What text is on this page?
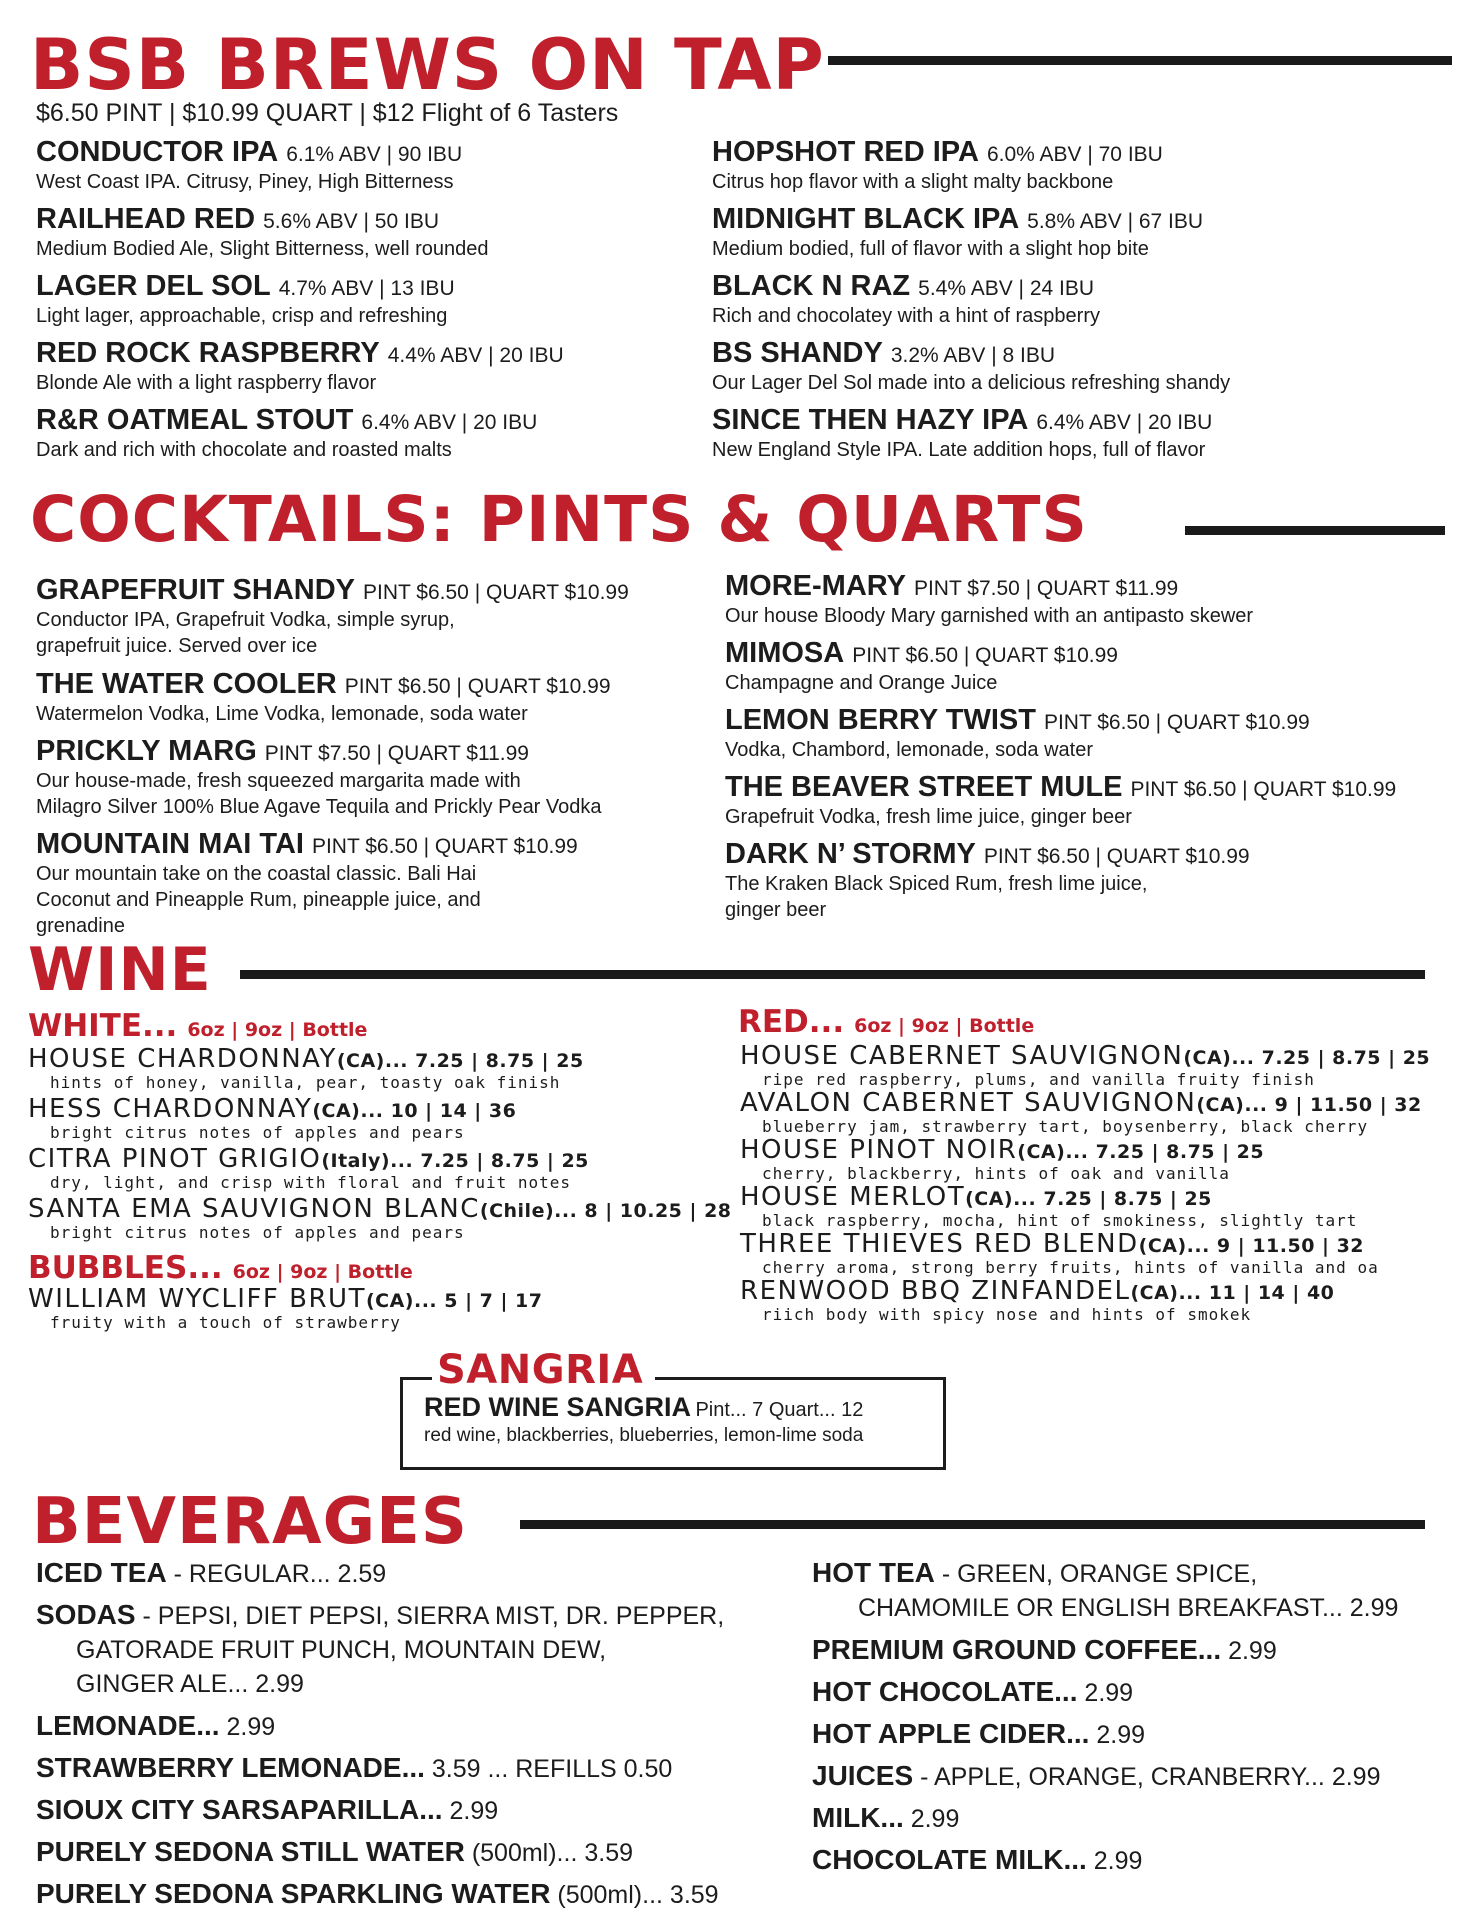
BSB BREWS ON TAP
$6.50 PINT | $10.99 QUART | $12 Flight of 6 Tasters
CONDUCTOR IPA 6.1% ABV | 90 IBU
West Coast IPA. Citrusy, Piney, High Bitterness
RAILHEAD RED 5.6% ABV | 50 IBU
Medium Bodied Ale, Slight Bitterness, well rounded
LAGER DEL SOL 4.7% ABV | 13 IBU
Light lager, approachable, crisp and refreshing
RED ROCK RASPBERRY 4.4% ABV | 20 IBU
Blonde Ale with a light raspberry flavor
R&R OATMEAL STOUT 6.4% ABV | 20 IBU
Dark and rich with chocolate and roasted malts
HOPSHOT RED IPA 6.0% ABV | 70 IBU
Citrus hop flavor with a slight malty backbone
MIDNIGHT BLACK IPA 5.8% ABV | 67 IBU
Medium bodied, full of flavor with a slight hop bite
BLACK N RAZ 5.4% ABV | 24 IBU
Rich and chocolatey with a hint of raspberry
BS SHANDY 3.2% ABV | 8 IBU
Our Lager Del Sol made into a delicious refreshing shandy
SINCE THEN HAZY IPA 6.4% ABV | 20 IBU
New England Style IPA. Late addition hops, full of flavor
COCKTAILS: PINTS & QUARTS
GRAPEFRUIT SHANDY PINT $6.50 | QUART $10.99
Conductor IPA, Grapefruit Vodka, simple syrup,
grapefruit juice. Served over ice
THE WATER COOLER PINT $6.50 | QUART $10.99
Watermelon Vodka, Lime Vodka, lemonade, soda water
PRICKLY MARG PINT $7.50 | QUART $11.99
Our house-made, fresh squeezed margarita made with
Milagro Silver 100% Blue Agave Tequila and Prickly Pear Vodka
MOUNTAIN MAI TAI PINT $6.50 | QUART $10.99
Our mountain take on the coastal classic. Bali Hai
Coconut and Pineapple Rum, pineapple juice, and
grenadine
MORE-MARY PINT $7.50 | QUART $11.99
Our house Bloody Mary garnished with an antipasto skewer
MIMOSA PINT $6.50 | QUART $10.99
Champagne and Orange Juice
LEMON BERRY TWIST PINT $6.50 | QUART $10.99
Vodka, Chambord, lemonade, soda water
THE BEAVER STREET MULE PINT $6.50 | QUART $10.99
Grapefruit Vodka, fresh lime juice, ginger beer
DARK N’ STORMY PINT $6.50 | QUART $10.99
The Kraken Black Spiced Rum, fresh lime juice,
ginger beer
WINE
WHITE... 6oz | 9oz | Bottle
HOUSE CHARDONNAY(CA)... 7.25 | 8.75 | 25
hints of honey, vanilla, pear, toasty oak finish
HESS CHARDONNAY(CA)... 10 | 14 | 36
bright citrus notes of apples and pears
CITRA PINOT GRIGIO(Italy)... 7.25 | 8.75 | 25
dry, light, and crisp with floral and fruit notes
SANTA EMA SAUVIGNON BLANC(Chile)... 8 | 10.25 | 28
bright citrus notes of apples and pears
BUBBLES... 6oz | 9oz | Bottle
WILLIAM WYCLIFF BRUT(CA)... 5 | 7 | 17
fruity with a touch of strawberry
RED... 6oz | 9oz | Bottle
HOUSE CABERNET SAUVIGNON(CA)... 7.25 | 8.75 | 25
ripe red raspberry, plums, and vanilla fruity finish
AVALON CABERNET SAUVIGNON(CA)... 9 | 11.50 | 32
blueberry jam, strawberry tart, boysenberry, black cherry
HOUSE PINOT NOIR(CA)... 7.25 | 8.75 | 25
cherry, blackberry, hints of oak and vanilla
HOUSE MERLOT(CA)... 7.25 | 8.75 | 25
black raspberry, mocha, hint of smokiness, slightly tart
THREE THIEVES RED BLEND(CA)... 9 | 11.50 | 32
cherry aroma, strong berry fruits, hints of vanilla and oa
RENWOOD BBQ ZINFANDEL(CA)... 11 | 14 | 40
riich body with spicy nose and hints of smokek
SANGRIA
RED WINE SANGRIA Pint... 7 Quart... 12
red wine, blackberries, blueberries, lemon-lime soda
BEVERAGES
ICED TEA - REGULAR... 2.59
SODAS - PEPSI, DIET PEPSI, SIERRA MIST, DR. PEPPER,
GATORADE FRUIT PUNCH, MOUNTAIN DEW,
GINGER ALE... 2.99
LEMONADE... 2.99
STRAWBERRY LEMONADE... 3.59 ... REFILLS 0.50
SIOUX CITY SARSAPARILLA... 2.99
PURELY SEDONA STILL WATER (500ml)... 3.59
PURELY SEDONA SPARKLING WATER (500ml)... 3.59
HOT TEA - GREEN, ORANGE SPICE,
CHAMOMILE OR ENGLISH BREAKFAST... 2.99
PREMIUM GROUND COFFEE... 2.99
HOT CHOCOLATE... 2.99
HOT APPLE CIDER... 2.99
JUICES - APPLE, ORANGE, CRANBERRY... 2.99
MILK... 2.99
CHOCOLATE MILK... 2.99
